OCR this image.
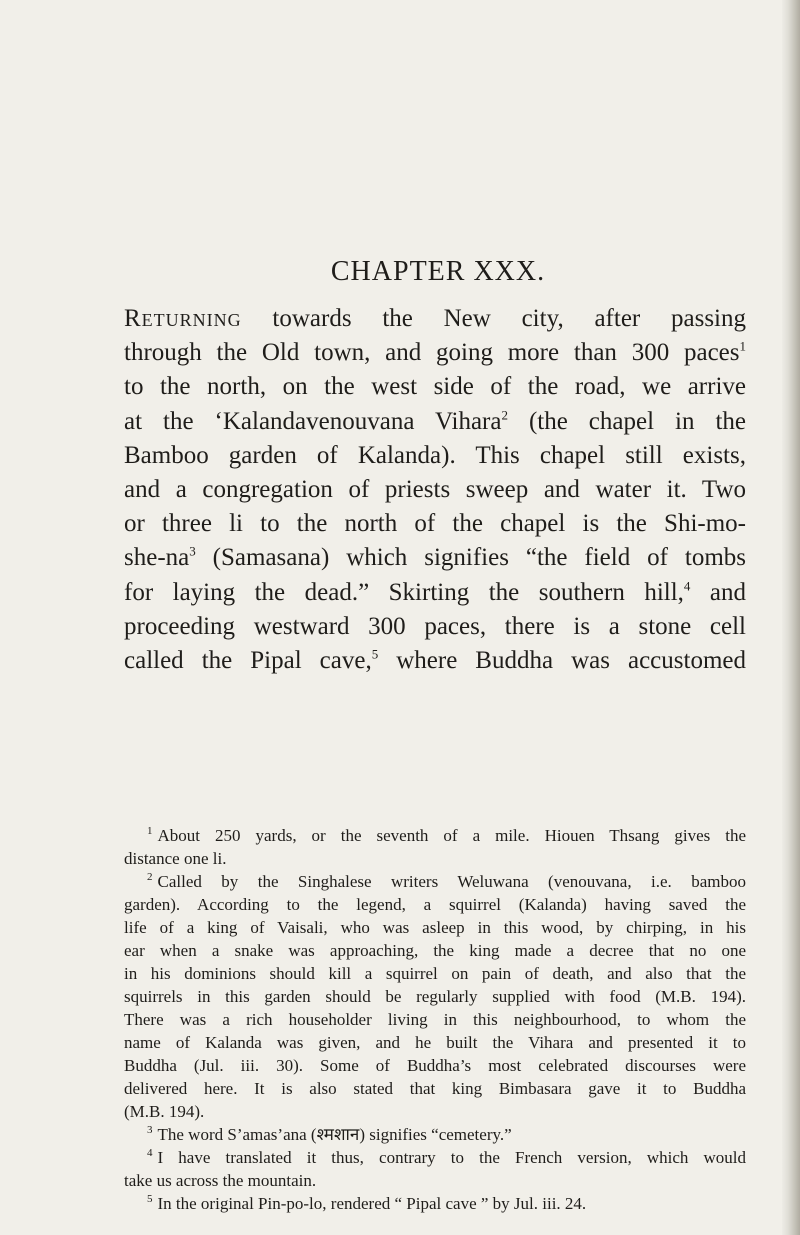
CHAPTER XXX.

Returning towards the New city, after passing

through the Old town, and going more than 300 paces$^1$

to the north, on the west side of the road, we arrive

at the ‘Kalandavenouvana Vihara$^2$ (the chapel in the

Bamboo garden of Kalanda). This chapel still exists,

and a congregation of priests sweep and water it. Two

or three li to the north of the chapel is the Shi-mo-

she-$na^3$ (Samasana) which signifies “the field of tombs

for laying the dead.” Skirting the southern hill,$^4$ and

proceeding westward 300 paces, there is a stone cell

called the Pipal cave,$^5$ where Buddha was accustomed

$^1$ About 250 yards, or the seventh of a mile. Hiouen Thsang gives the

distance one li.

$^2$ Called by the Singhalese writers Weluwana (venouvana, i.e. bamboo

garden). According to the legend, a squirrel (Kalanda) having saved the

life of a king of Vaisali, who was asleep in this wood, by chirping, in his

ear when a snake was approaching, the king made a decree that no one

in his dominions should kill a squirrel on pain of death, and also that the

squirrels in this garden should be regularly supplied with food (M.B. 194).

There was a rich householder living in this neighbourhood, to whom the

name of Kalanda was given, and he built the Vihara and presented it to

Buddha (Jul. iii. 30). Some of Buddha’s most celebrated discourses were

delivered here. It is also stated that king Bimbasara gave it to Buddha

(M.B. 194).

$^3$ The word S’amas’ana (श्मशान) signifies “cemetery.”

$^4$ I have translated it thus, contrary to the French version, which would

take us across the mountain.

$^5$ In the original Pin-po-lo, rendered “ Pipal cave ” by Jul. iii. 24.
